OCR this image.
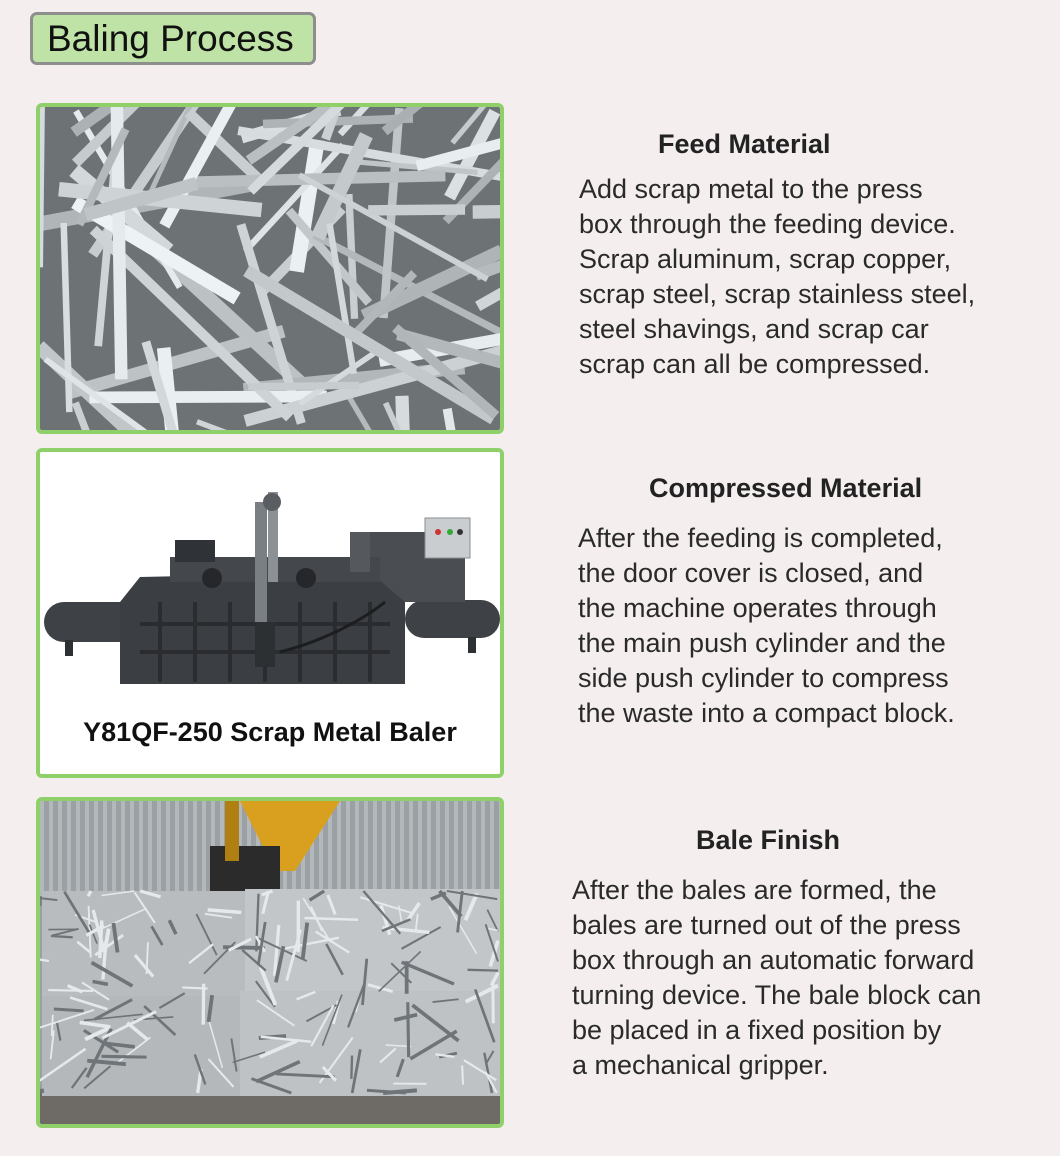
Baling Process
Feed Material
Add scrap metal to the press
box through the feeding device.
Scrap aluminum, scrap copper,
scrap steel, scrap stainless steel,
steel shavings, and scrap car
scrap can all be compressed.
Y81QF-250 Scrap Metal Baler
Compressed Material
After the feeding is completed,
the door cover is closed, and
the machine operates through
the main push cylinder and the
side push cylinder to compress
the waste into a compact block.
Bale Finish
After the bales are formed, the
bales are turned out of the press
box through an automatic forward
turning device. The bale block can
be placed in a fixed position by
a mechanical gripper.
